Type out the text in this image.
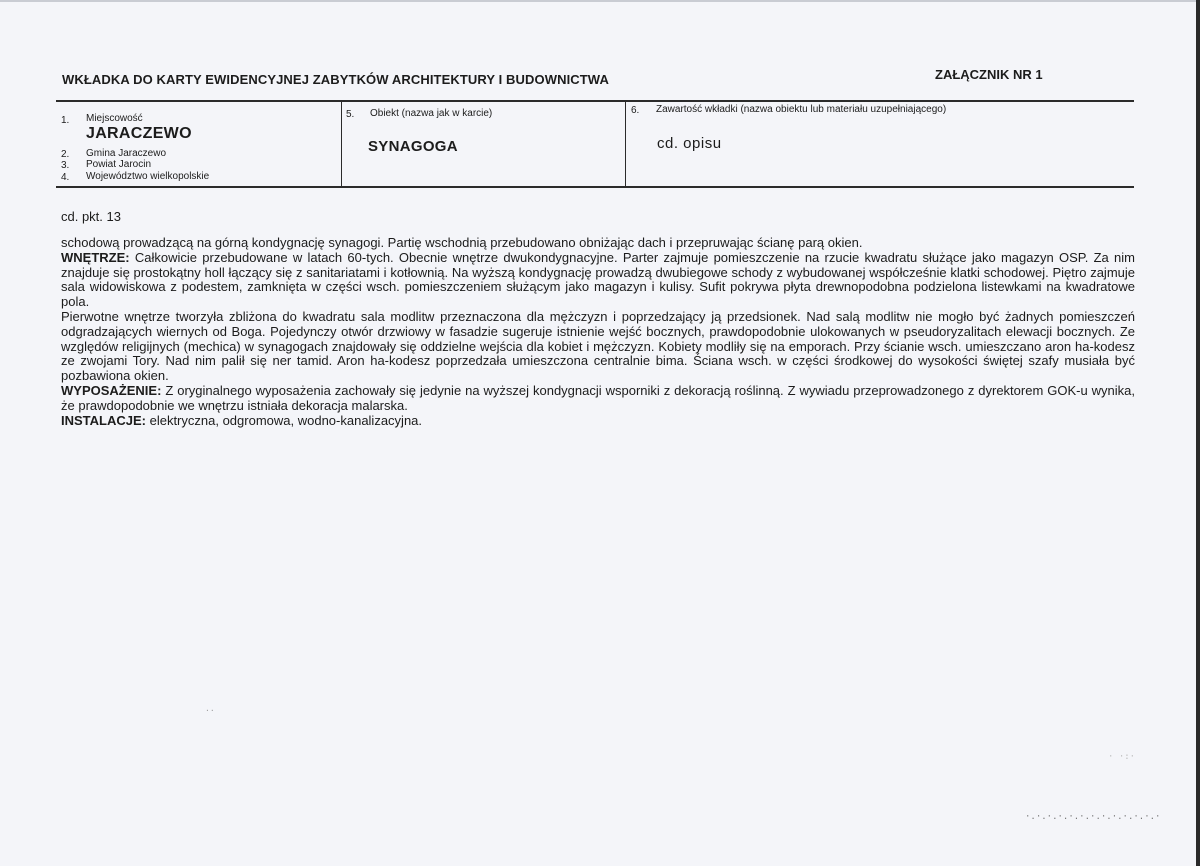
WKŁADKA DO KARTY EWIDENCYJNEJ ZABYTKÓW ARCHITEKTURY I BUDOWNICTWA	ZAŁĄCZNIK NR 1
1. Miejscowość
JARACZEWO
2. Gmina Jaraczewo
3. Powiat Jarocin
4. Województwo wielkopolskie
5. Obiekt (nazwa jak w karcie)
SYNAGOGA
6. Zawartość wkładki (nazwa obiektu lub materiału uzupełniającego)
cd. opisu
cd. pkt. 13

schodową prowadzącą na górną kondygnację synagogi. Partię wschodnią przebudowano obniżając dach i przepruwając ścianę parą okien.

WNĘTRZE: Całkowicie przebudowane w latach 60-tych. Obecnie wnętrze dwukondygnacyjne. Parter zajmuje pomieszczenie na rzucie kwadratu służące jako magazyn OSP. Za nim znajduje się prostokątny holl łączący się z sanitariatami i kotłownią. Na wyższą kondygnację prowadzą dwubiegowe schody z wybudowanej współcześnie klatki schodowej. Piętro zajmuje sala widowiskowa z podestem, zamknięta w części wsch. pomieszczeniem służącym jako magazyn i kulisy. Sufit pokrywa płyta drewnopodobna podzielona listewkami na kwadratowe pola.

Pierwotne wnętrze tworzyła zbliżona do kwadratu sala modlitw przeznaczona dla mężczyzn i poprzedzający ją przedsionek. Nad salą modlitw nie mogło być żadnych pomieszczeń odgradzających wiernych od Boga. Pojedynczy otwór drzwiowy w fasadzie sugeruje istnienie wejść bocznych, prawdopodobnie ulokowanych w pseudoryzalitach elewacji bocznych. Ze względów religijnych (mechica) w synagogach znajdowały się oddzielne wejścia dla kobiet i mężczyzn. Kobiety modliły się na emporach. Przy ścianie wsch. umieszczano aron ha-kodesz ze zwojami Tory. Nad nim palił się ner tamid. Aron ha-kodesz poprzedzała umieszczona centralnie bima. Ściana wsch. w części środkowej do wysokości świętej szafy musiała być pozbawiona okien.

WYPOSAŻENIE: Z oryginalnego wyposażenia zachowały się jedynie na wyższej kondygnacji wsporniki z dekoracją roślinną. Z wywiadu przeprowadzonego z dyrektorem GOK-u wynika, że prawdopodobnie we wnętrzu istniała dekoracja malarska.

INSTALACJE: elektryczna, odgromowa, wodno-kanalizacyjna.

··
· ·:·
·.·.·.·.·.·.·.·.·.·.·.·.·
